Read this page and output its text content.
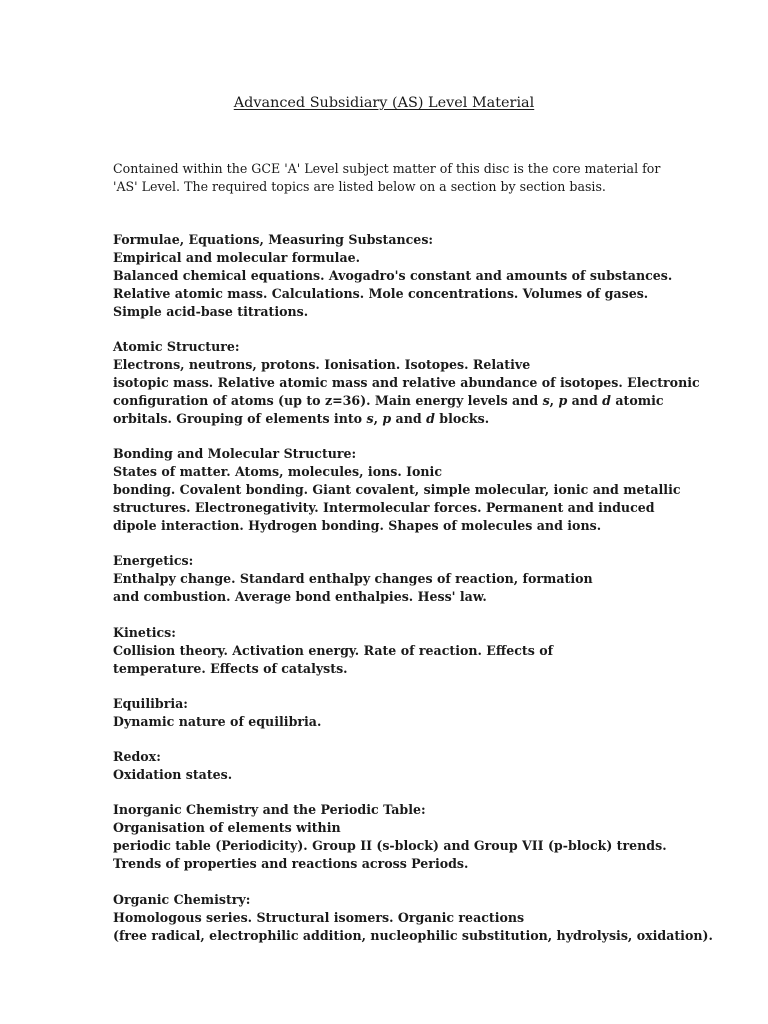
Advanced Subsidiary (AS) Level Material

Contained within the GCE 'A' Level subject matter of this disc is the core material for
'AS' Level. The required topics are listed below on a section by section basis.

Formulae, Equations, Measuring Substances:
Empirical and molecular formulae.
Balanced chemical equations. Avogadro's constant and amounts of substances.
Relative atomic mass. Calculations. Mole concentrations. Volumes of gases.
Simple acid-base titrations.

Atomic Structure:
Electrons, neutrons, protons. Ionisation. Isotopes. Relative
isotopic mass. Relative atomic mass and relative abundance of isotopes. Electronic
configuration of atoms (up to z=36). Main energy levels and s, p and d atomic
orbitals. Grouping of elements into s, p and d blocks.

Bonding and Molecular Structure:
States of matter. Atoms, molecules, ions. Ionic
bonding. Covalent bonding. Giant covalent, simple molecular, ionic and metallic
structures. Electronegativity. Intermolecular forces. Permanent and induced
dipole interaction. Hydrogen bonding. Shapes of molecules and ions.

Energetics:
Enthalpy change. Standard enthalpy changes of reaction, formation
and combustion. Average bond enthalpies. Hess' law.

Kinetics:
Collision theory. Activation energy. Rate of reaction. Effects of
temperature. Effects of catalysts.

Equilibria:
Dynamic nature of equilibria.

Redox:
Oxidation states.

Inorganic Chemistry and the Periodic Table:
Organisation of elements within
periodic table (Periodicity). Group II (s-block) and Group VII (p-block) trends.
Trends of properties and reactions across Periods.

Organic Chemistry:
Homologous series. Structural isomers. Organic reactions
(free radical, electrophilic addition, nucleophilic substitution, hydrolysis, oxidation).
